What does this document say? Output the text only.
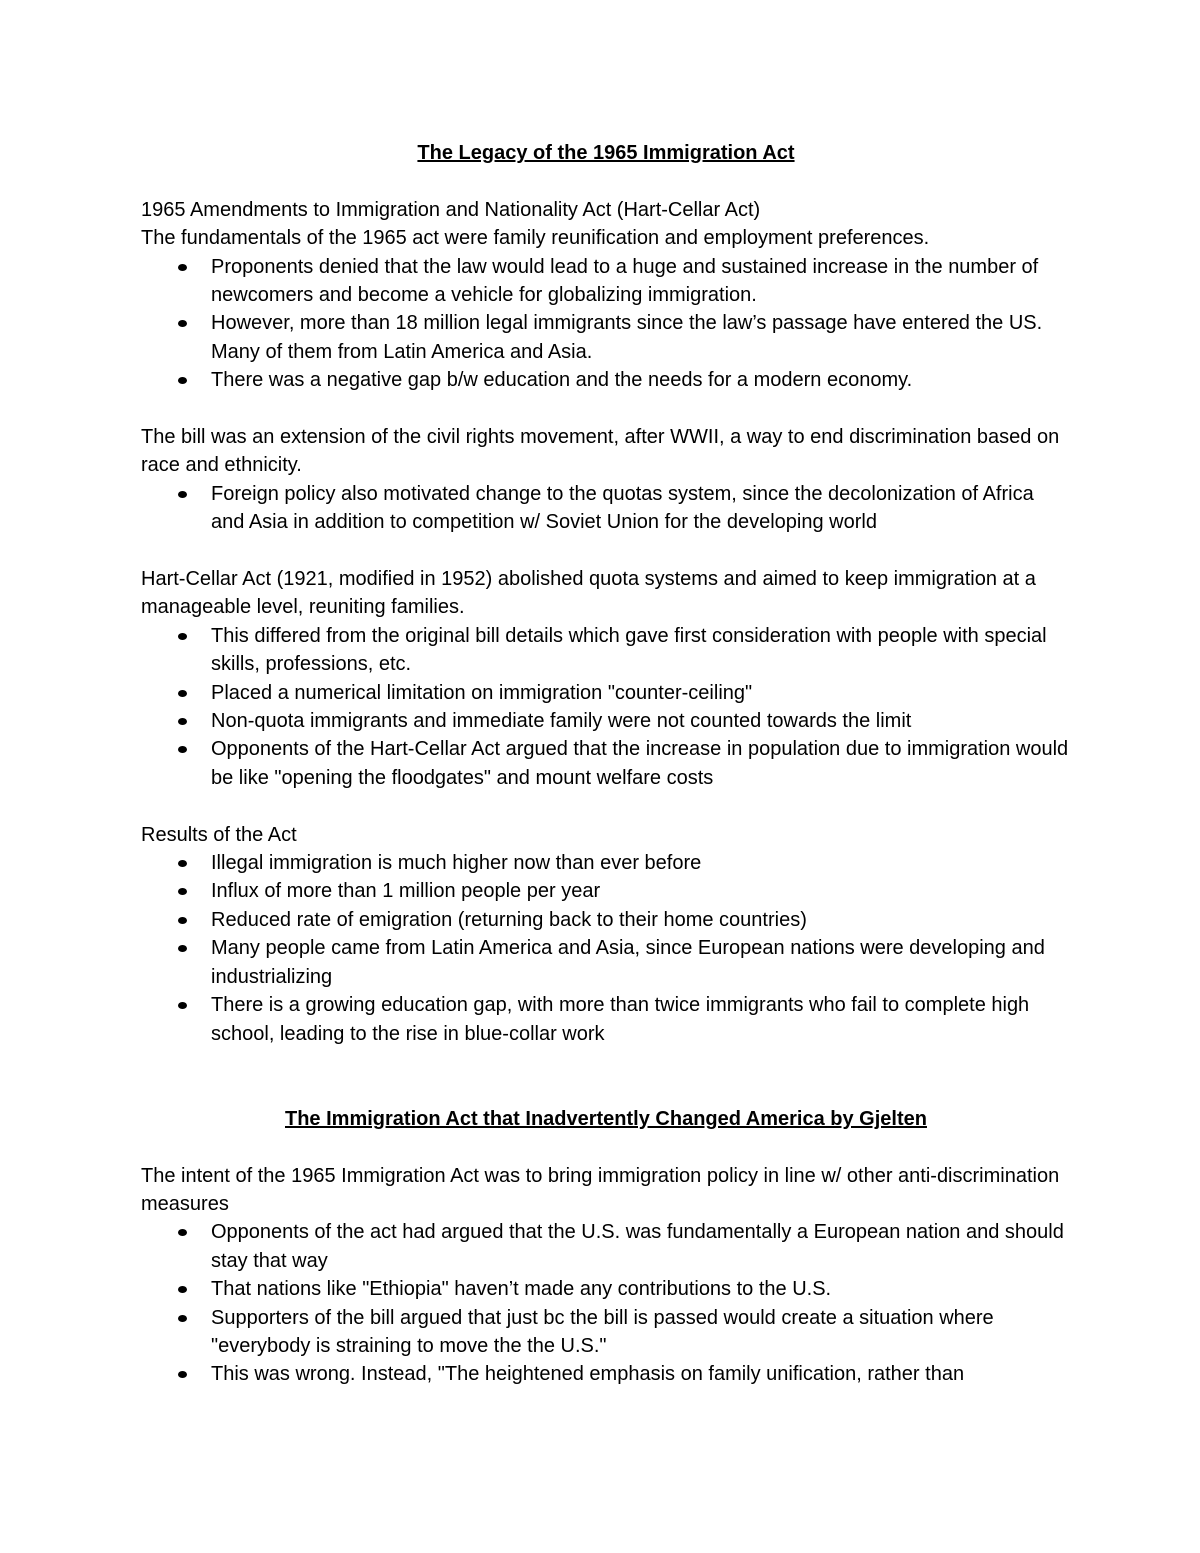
The Legacy of the 1965 Immigration Act

1965 Amendments to Immigration and Nationality Act (Hart-Cellar Act)

The fundamentals of the 1965 act were family reunification and employment preferences.

Proponents denied that the law would lead to a huge and sustained increase in the number of newcomers and become a vehicle for globalizing immigration.
However, more than 18 million legal immigrants since the law’s passage have entered the US. Many of them from Latin America and Asia.
There was a negative gap b/w education and the needs for a modern economy.

The bill was an extension of the civil rights movement, after WWII, a way to end discrimination based on race and ethnicity.

Foreign policy also motivated change to the quotas system, since the decolonization of Africa and Asia in addition to competition w/ Soviet Union for the developing world

Hart-Cellar Act (1921, modified in 1952) abolished quota systems and aimed to keep immigration at a manageable level, reuniting families.

This differed from the original bill details which gave first consideration with people with special skills, professions, etc.
Placed a numerical limitation on immigration "counter-ceiling"
Non-quota immigrants and immediate family were not counted towards the limit
Opponents of the Hart-Cellar Act argued that the increase in population due to immigration would be like "opening the floodgates" and mount welfare costs

Results of the Act

Illegal immigration is much higher now than ever before
Influx of more than 1 million people per year
Reduced rate of emigration (returning back to their home countries)
Many people came from Latin America and Asia, since European nations were developing and industrializing
There is a growing education gap, with more than twice immigrants who fail to complete high school, leading to the rise in blue-collar work
The Immigration Act that Inadvertently Changed America by Gjelten

The intent of the 1965 Immigration Act was to bring immigration policy in line w/ other anti-discrimination measures

Opponents of the act had argued that the U.S. was fundamentally a European nation and should stay that way
That nations like "Ethiopia" haven’t made any contributions to the U.S.
Supporters of the bill argued that just bc the bill is passed would create a situation where "everybody is straining to move the the U.S."
This was wrong. Instead, "The heightened emphasis on family unification, rather than
